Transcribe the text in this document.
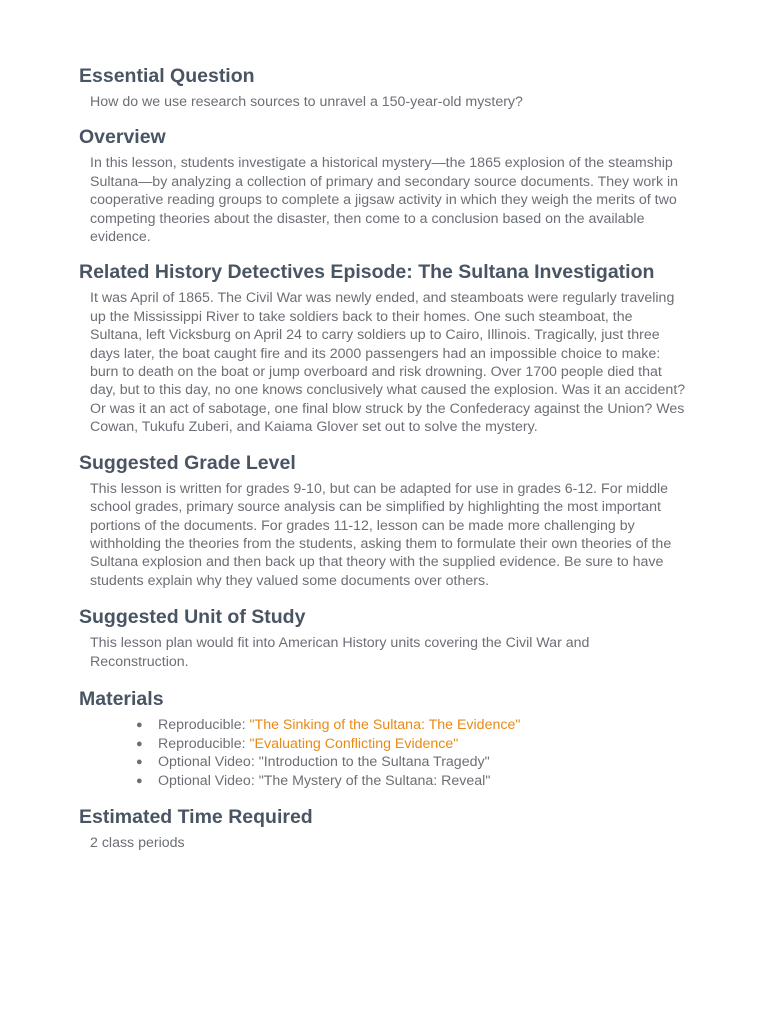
Essential Question
How do we use research sources to unravel a 150-year-old mystery?
Overview
In this lesson, students investigate a historical mystery—the 1865 explosion of the steamship Sultana—by analyzing a collection of primary and secondary source documents. They work in cooperative reading groups to complete a jigsaw activity in which they weigh the merits of two competing theories about the disaster, then come to a conclusion based on the available evidence.
Related History Detectives Episode: The Sultana Investigation
It was April of 1865. The Civil War was newly ended, and steamboats were regularly traveling up the Mississippi River to take soldiers back to their homes. One such steamboat, the Sultana, left Vicksburg on April 24 to carry soldiers up to Cairo, Illinois. Tragically, just three days later, the boat caught fire and its 2000 passengers had an impossible choice to make: burn to death on the boat or jump overboard and risk drowning. Over 1700 people died that day, but to this day, no one knows conclusively what caused the explosion. Was it an accident? Or was it an act of sabotage, one final blow struck by the Confederacy against the Union? Wes Cowan, Tukufu Zuberi, and Kaiama Glover set out to solve the mystery.
Suggested Grade Level
This lesson is written for grades 9-10, but can be adapted for use in grades 6-12. For middle school grades, primary source analysis can be simplified by highlighting the most important portions of the documents. For grades 11-12, lesson can be made more challenging by withholding the theories from the students, asking them to formulate their own theories of the Sultana explosion and then back up that theory with the supplied evidence. Be sure to have students explain why they valued some documents over others.
Suggested Unit of Study
This lesson plan would fit into American History units covering the Civil War and Reconstruction.
Materials
● Reproducible: "The Sinking of the Sultana: The Evidence"
● Reproducible: "Evaluating Conflicting Evidence"
● Optional Video: "Introduction to the Sultana Tragedy"
● Optional Video: "The Mystery of the Sultana: Reveal"
Estimated Time Required
2 class periods
